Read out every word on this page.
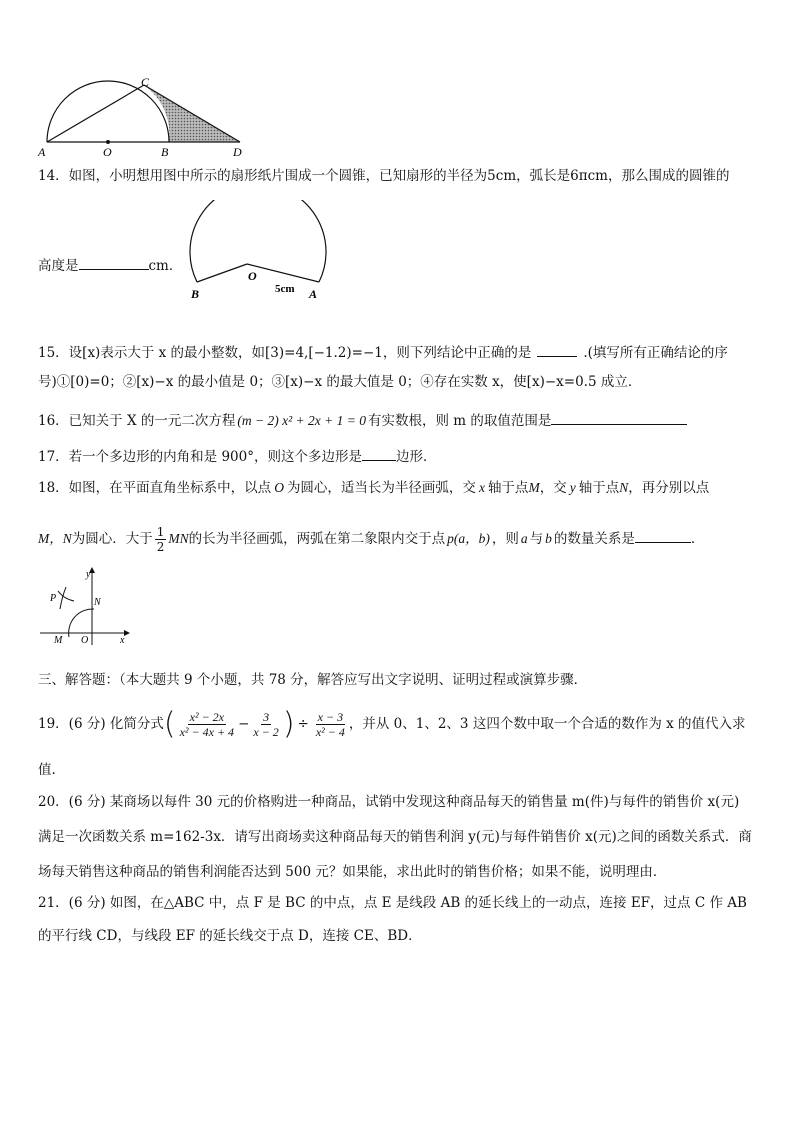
A	O	B	D
C
14．如图，小明想用图中所示的扇形纸片围成一个圆锥，已知扇形的半径为5cm，弧长是6πcm，那么围成的圆锥的
高度是	cm．
O
B	A
5cm
15．设[x)表示大于 x 的最小整数，如[3)=4,[−1.2)=−1，则下列结论中正确的是	.(填写所有正确结论的序
号)①[0)=0；②[x)−x 的最小值是 0；③[x)−x 的最大值是 0；④存在实数 x，使[x)−x=0.5 成立．
16．已知关于 X 的一元二次方程 (m − 2) x² + 2x + 1 = 0 有实数根，则 m 的取值范围是
17．若一个多边形的内角和是 900°，则这个多边形是	边形．
18．如图，在平面直角坐标系中，以点 O 为圆心，适当长为半径画弧，交 x 轴于点M，交 y 轴于点N，再分别以点
M，N为圆心．大于 $\frac{1}{2}$ MN的长为半径画弧，两弧在第二象限内交于点 p(a，b) ，则 a 与 b 的数量关系是	．
y
P	N
M O	x
三、解答题：（本大题共 9 个小题，共 78 分，解答应写出文字说明、证明过程或演算步骤．
19．(6 分) 化简分式( $\frac{\text{x² − 2x}}{\text{x² − 4x + 4}} - \frac{3}{x - 2}$ ) ÷ $\frac{x - 3}{\text{x² − 4}}$ ，并从 0、1、2、3 这四个数中取一个合适的数作为 x 的值代入求
值.
20．(6 分) 某商场以每件 30 元的价格购进一种商品，试销中发现这种商品每天的销售量 m(件)与每件的销售价 x(元)
满足一次函数关系 m=162-3x．请写出商场卖这种商品每天的销售利润 y(元)与每件销售价 x(元)之间的函数关系式．商
场每天销售这种商品的销售利润能否达到 500 元？如果能，求出此时的销售价格；如果不能，说明理由．
21．(6 分) 如图，在△ABC 中，点 F 是 BC 的中点，点 E 是线段 AB 的延长线上的一动点，连接 EF，过点 C 作 AB
的平行线 CD，与线段 EF 的延长线交于点 D，连接 CE、BD．
